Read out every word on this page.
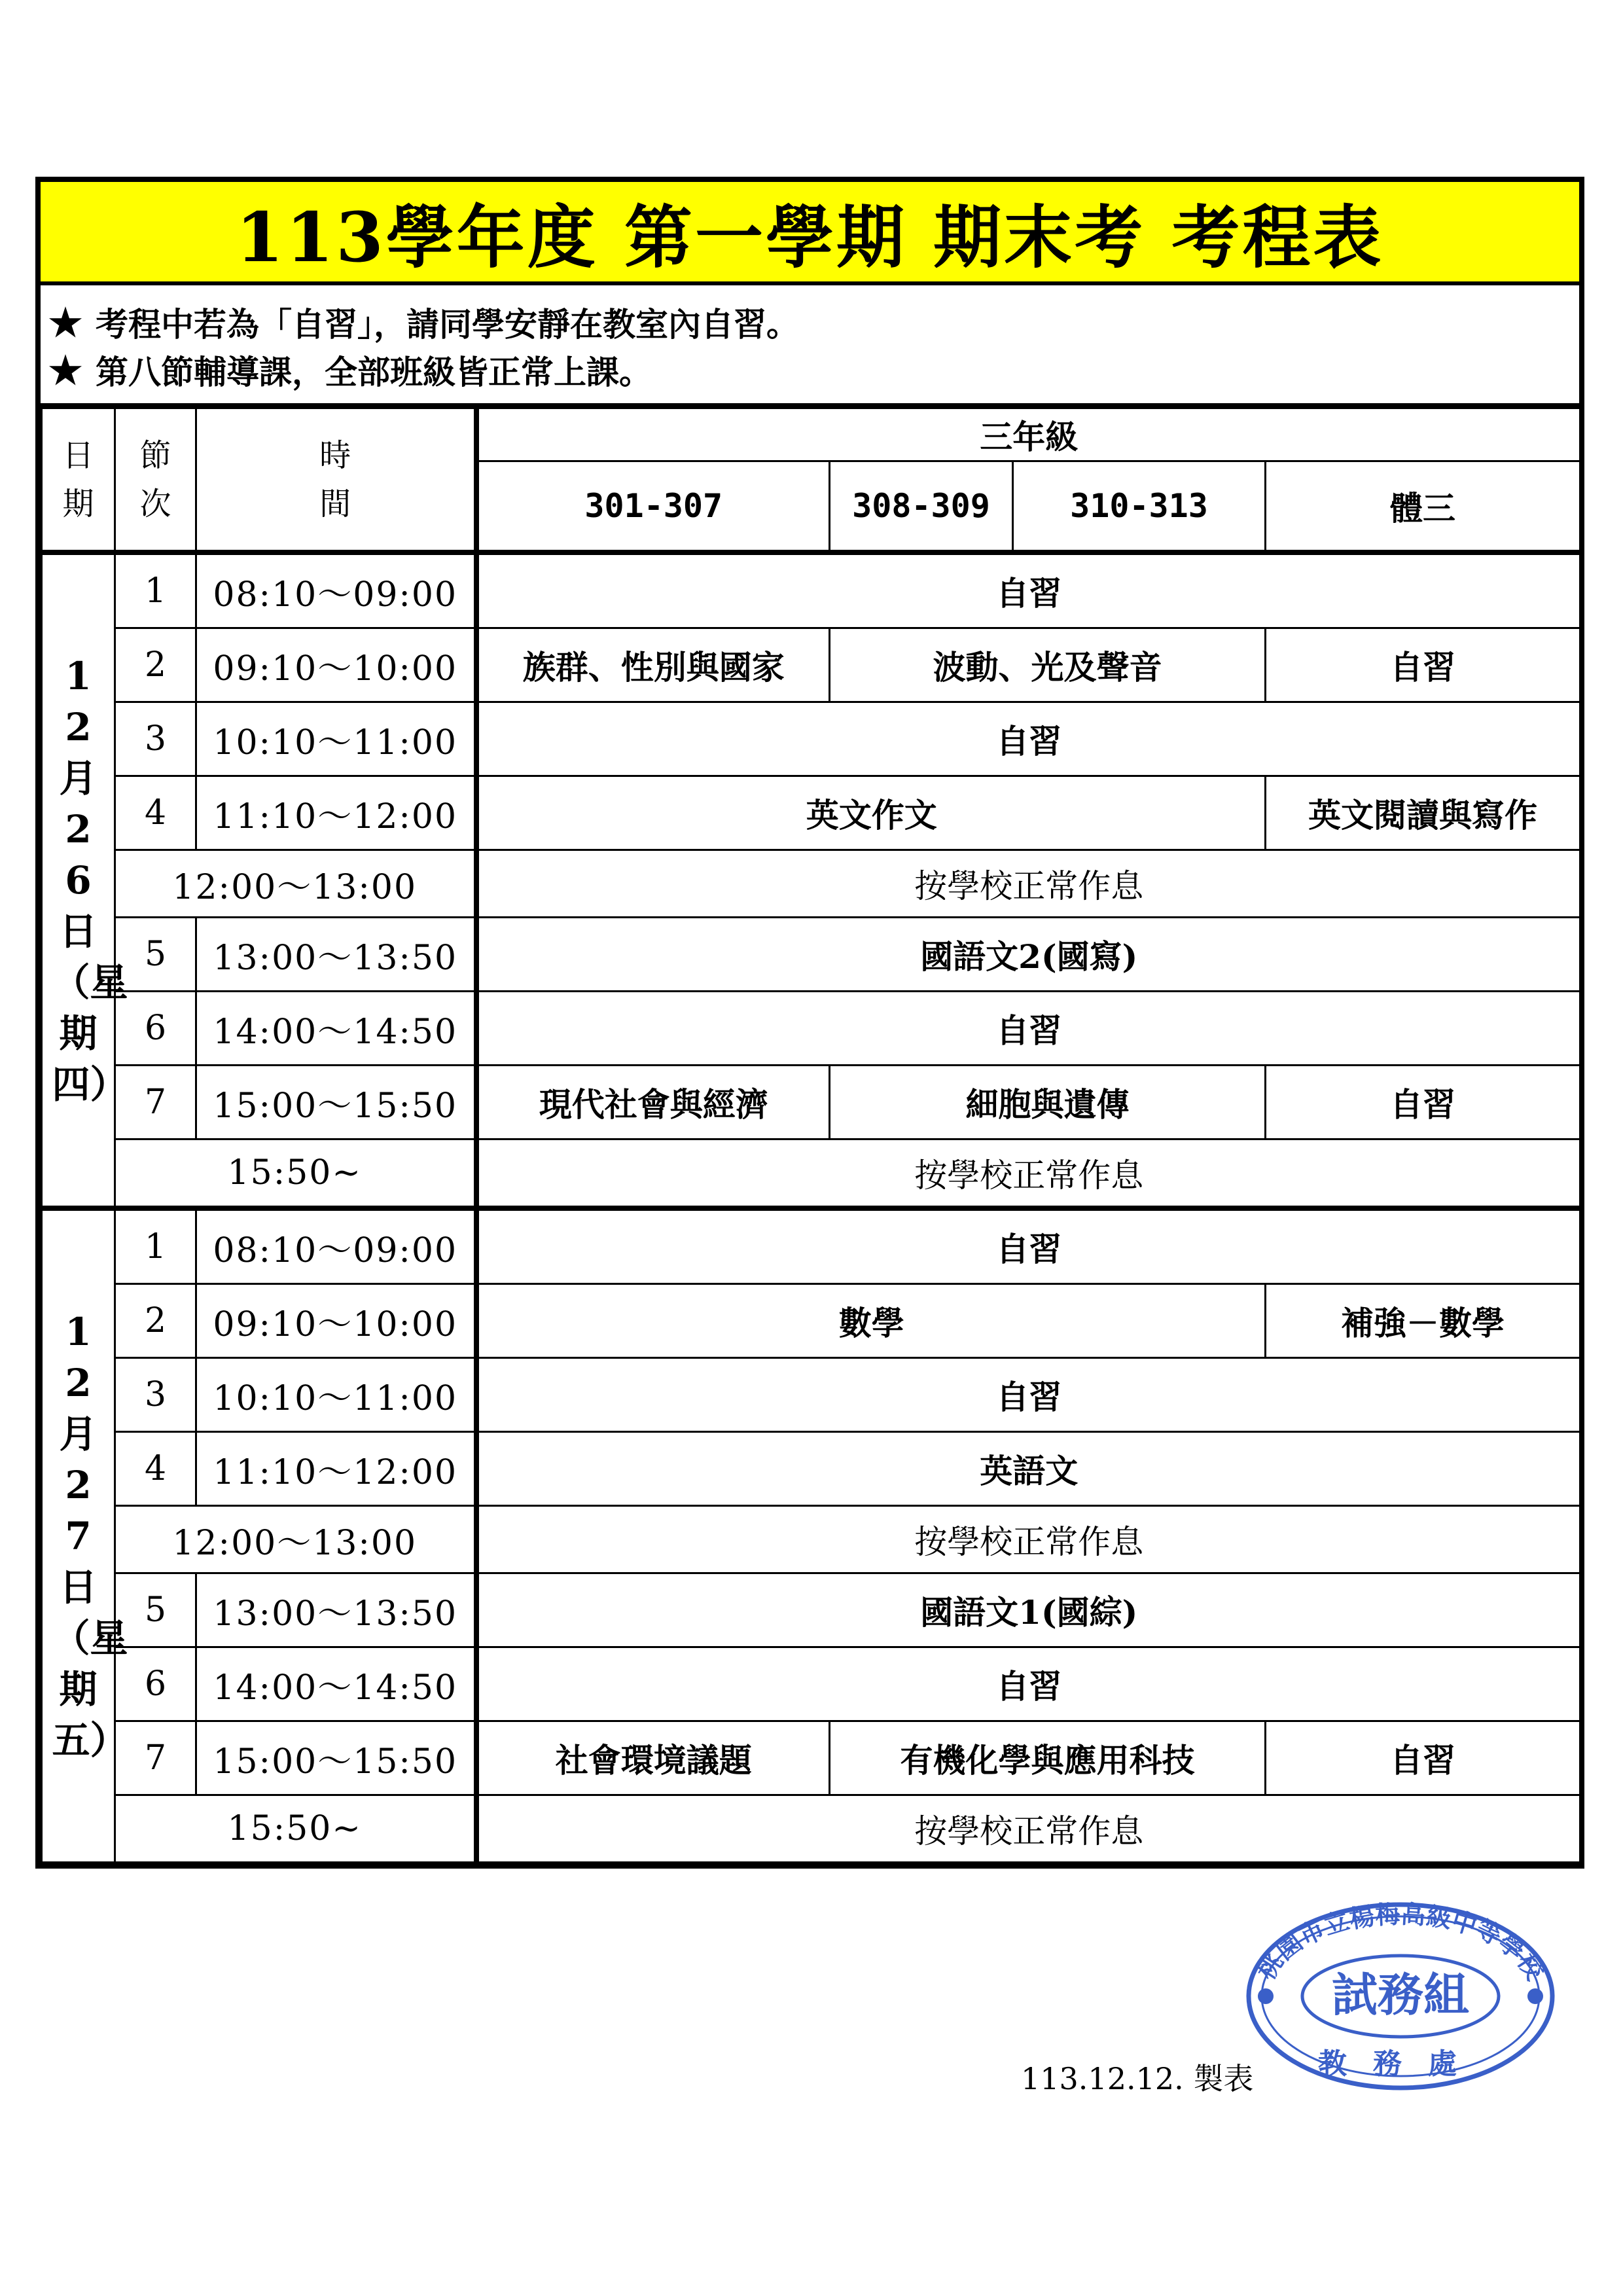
113學年度 第一學期 期末考 考程表
★ 考程中若為「自習」，請同學安靜在教室內自習。
★ 第八節輔導課，全部班級皆正常上課。
日期	節次	時間	三年級			
			301-307	308-309	310-313	體三
12月26日（星期四）	1	08:10～09:00	自習			
	2	09:10～10:00	族群、性別與國家	波動、光及聲音		自習
	3	10:10～11:00	自習			
	4	11:10～12:00	英文作文			英文閱讀與寫作
	12:00～13:00		按學校正常作息			
	5	13:00～13:50	國語文2(國寫)			
	6	14:00～14:50	自習			
	7	15:00～15:50	現代社會與經濟	細胞與遺傳		自習
	15:50~		按學校正常作息			
12月27日（星期五）	1	08:10～09:00	自習			
	2	09:10～10:00	數學			補強－數學
	3	10:10～11:00	自習			
	4	11:10～12:00	英語文			
	12:00～13:00		按學校正常作息			
	5	13:00～13:50	國語文1(國綜)			
	6	14:00～14:50	自習			
	7	15:00～15:50	社會環境議題	有機化學與應用科技		自習
	15:50~		按學校正常作息			
桃園市立楊梅高級中等學校
試務組
教務處
113.12.12. 製表
